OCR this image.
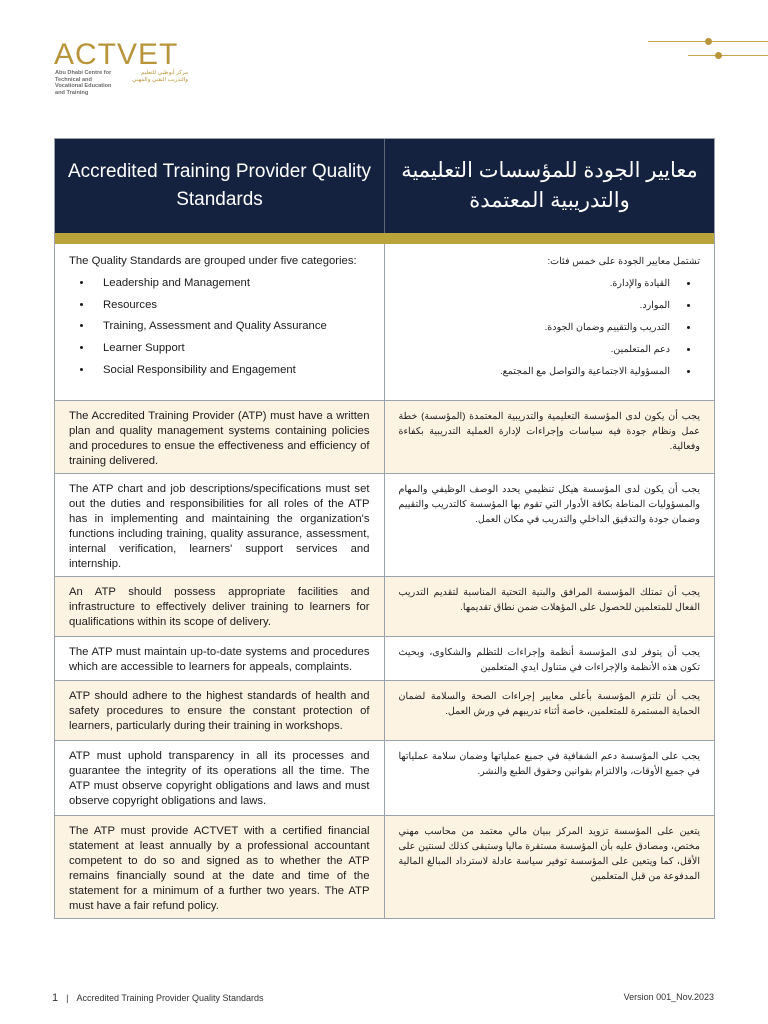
ACTVET
Abu Dhabi Centre for Technical and Vocational Education and Training
مركز أبوظبي للتعليم والتدريب التقني والمهني
Accredited Training Provider Quality Standards
معايير الجودة للمؤسسات التعليمية والتدريبية المعتمدة

The Quality Standards are grouped under five categories:

• Leadership and Management
• Resources
• Training, Assessment and Quality Assurance
• Learner Support
• Social Responsibility and Engagement

تشتمل معايير الجودة على خمس فئات:

• القيادة والإدارة.
• الموارد.
• التدريب والتقييم وضمان الجودة.
• دعم المتعلمين.
• المسؤولية الاجتماعية والتواصل مع المجتمع.
The Accredited Training Provider (ATP) must have a written plan and quality management systems containing policies and procedures to ensue the effectiveness and efficiency of training delivered.
يجب أن يكون لدى المؤسسة التعليمية والتدريبية المعتمدة (المؤسسة) خطة عمل ونظام جودة فيه سياسات وإجراءات لإدارة العملية التدريبية بكفاءة وفعالية.
The ATP chart and job descriptions/specifications must set out the duties and responsibilities for all roles of the ATP has in implementing and maintaining the organization's functions including training, quality assurance, assessment, internal verification, learners' support services and internship.
يجب أن يكون لدى المؤسسة هيكل تنظيمي يحدد الوصف الوظيفي والمهام والمسؤوليات المناطة بكافة الأدوار التي تقوم بها المؤسسة كالتدريب والتقييم وضمان جودة والتدقيق الداخلي والتدريب في مكان العمل.
An ATP should possess appropriate facilities and infrastructure to effectively deliver training to learners for qualifications within its scope of delivery.
يجب أن تمتلك المؤسسة المرافق والبنية التحتية المناسبة لتقديم التدريب الفعال للمتعلمين للحصول على المؤهلات ضمن نطاق تقديمها.
The ATP must maintain up-to-date systems and procedures which are accessible to learners for appeals, complaints.
يجب أن يتوفر لدى المؤسسة أنظمة وإجراءات للتظلم والشكاوى، وبحيث تكون هذه الأنظمة والإجراءات في متناول ايدي المتعلمين
ATP should adhere to the highest standards of health and safety procedures to ensure the constant protection of learners, particularly during their training in workshops.
يجب أن تلتزم المؤسسة بأعلى معايير إجراءات الصحة والسلامة لضمان الحماية المستمرة للمتعلمين، خاصة أثناء تدريبهم في ورش العمل.
ATP must uphold transparency in all its processes and guarantee the integrity of its operations all the time. The ATP must observe copyright obligations and laws and must observe copyright obligations and laws.
يجب على المؤسسة دعم الشفافية في جميع عملياتها وضمان سلامة عملياتها في جميع الأوقات، والالتزام بقوانين وحقوق الطبع والنشر.
The ATP must provide ACTVET with a certified financial statement at least annually by a professional accountant competent to do so and signed as to whether the ATP remains financially sound at the date and time of the statement for a minimum of a further two years. The ATP must have a fair refund policy.
يتعين على المؤسسة تزويد المركز ببيان مالي معتمد من محاسب مهني مختص، ومصادق عليه بأن المؤسسة مستقرة ماليا وستبقى كذلك لسنتين على الأقل، كما ويتعين على المؤسسة توفير سياسة عادلة لاسترداد المبالغ المالية المدفوعة من قبل المتعلمين
1 | Accredited Training Provider Quality Standards	Version 001_Nov.2023
